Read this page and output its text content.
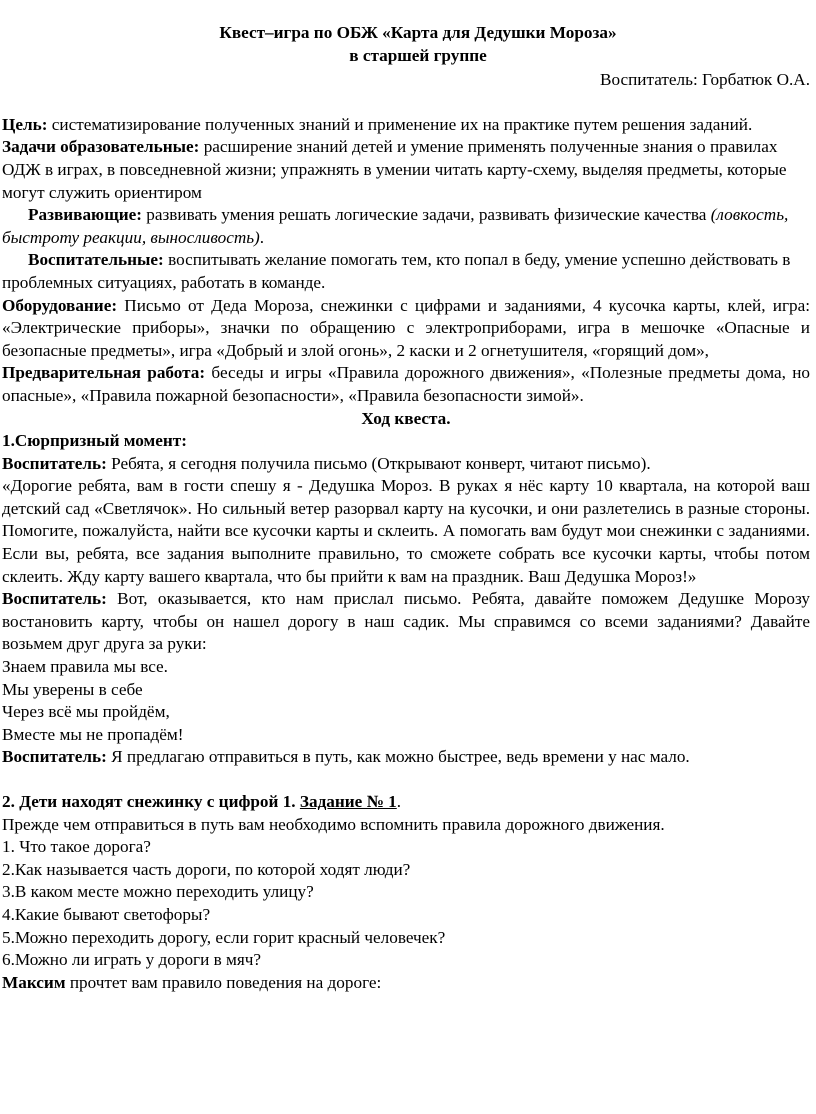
Квест–игра по ОБЖ «Карта для Дедушки Мороза»

в старшей группе

Воспитатель: Горбатюк О.А.

Цель: систематизирование полученных знаний и применение их на практике путем решения заданий.

Задачи образовательные: расширение знаний детей и умение применять полученные знания о правилах ОДЖ в играх, в повседневной жизни; упражнять в умении читать карту-схему, выделяя предметы, которые могут служить ориентиром

Развивающие: развивать умения решать логические задачи, развивать физические качества (ловкость, быстроту реакции, выносливость).

Воспитательные: воспитывать желание помогать тем, кто попал в беду, умение успешно действовать в проблемных ситуациях, работать в команде.

Оборудование: Письмо от Деда Мороза, снежинки с цифрами и заданиями, 4 кусочка карты, клей, игра: «Электрические приборы», значки по обращению с электроприборами, игра в мешочке «Опасные и безопасные предметы», игра «Добрый и злой огонь», 2 каски и 2 огнетушителя, «горящий дом»,

Предварительная работа: беседы и игры «Правила дорожного движения», «Полезные предметы дома, но опасные», «Правила пожарной безопасности», «Правила безопасности зимой».

Ход квеста.

1.Сюрпризный момент:

Воспитатель: Ребята, я сегодня получила письмо (Открывают конверт, читают письмо).

«Дорогие ребята, вам в гости спешу я - Дедушка Мороз. В руках я нёс карту 10 квартала, на которой ваш детский сад «Светлячок». Но сильный ветер разорвал карту на кусочки, и они разлетелись в разные стороны. Помогите, пожалуйста, найти все кусочки карты и склеить. А помогать вам будут мои снежинки с заданиями. Если вы, ребята, все задания выполните правильно, то сможете собрать все кусочки карты, чтобы потом склеить. Жду карту вашего квартала, что бы прийти к вам на праздник. Ваш Дедушка Мороз!»

Воспитатель: Вот, оказывается, кто нам прислал письмо. Ребята, давайте поможем Дедушке Морозу востановить карту, чтобы он нашел дорогу в наш садик. Мы справимся со всеми заданиями? Давайте возьмем друг друга за руки:

Знаем правила мы все.

Мы уверены в себе

Через всё мы пройдём,

Вместе мы не пропадём!

Воспитатель: Я предлагаю отправиться в путь, как можно быстрее, ведь времени у нас мало.

2. Дети находят снежинку с цифрой 1. Задание № 1.

Прежде чем отправиться в путь вам необходимо вспомнить правила дорожного движения.

1. Что такое дорога?

2.Как называется часть дороги, по которой ходят люди?

3.В каком месте можно переходить улицу?

4.Какие бывают светофоры?

5.Можно переходить дорогу, если горит красный человечек?

6.Можно ли играть у дороги в мяч?

Максим прочтет вам правило поведения на дороге:
